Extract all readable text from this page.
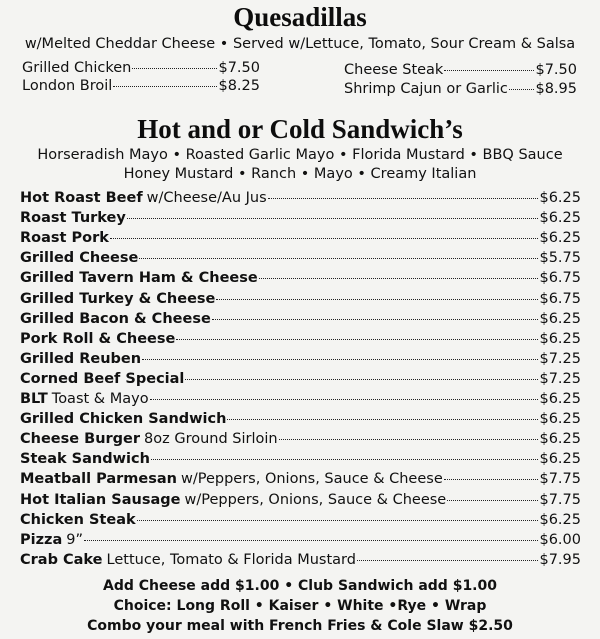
Quesadillas
w/Melted Cheddar Cheese • Served w/Lettuce, Tomato, Sour Cream & Salsa
Grilled Chicken	$7.50
London Broil	$8.25
Cheese Steak	$7.50
Shrimp Cajun or Garlic $8.95
Hot and or Cold Sandwich’s
Horseradish Mayo • Roasted Garlic Mayo • Florida Mustard • BBQ Sauce
Honey Mustard • Ranch • Mayo • Creamy Italian
Hot Roast Beef w/Cheese/Au Jus	$6.25
Roast Turkey	$6.25
Roast Pork	$6.25
Grilled Cheese	$5.75
Grilled Tavern Ham & Cheese	$6.75
Grilled Turkey & Cheese	$6.75
Grilled Bacon & Cheese	$6.25
Pork Roll & Cheese	$6.25
Grilled Reuben	$7.25
Corned Beef Special	$7.25
BLT Toast & Mayo	$6.25
Grilled Chicken Sandwich	$6.25
Cheese Burger 8oz Ground Sirloin	$6.25
Steak Sandwich	$6.25
Meatball Parmesan w/Peppers, Onions, Sauce & Cheese	$7.75
Hot Italian Sausage w/Peppers, Onions, Sauce & Cheese	$7.75
Chicken Steak	$6.25
Pizza 9”	$6.00
Crab Cake Lettuce, Tomato & Florida Mustard	$7.95
Add Cheese add $1.00 • Club Sandwich add $1.00
Choice: Long Roll • Kaiser • White •Rye • Wrap
Combo your meal with French Fries & Cole Slaw $2.50
